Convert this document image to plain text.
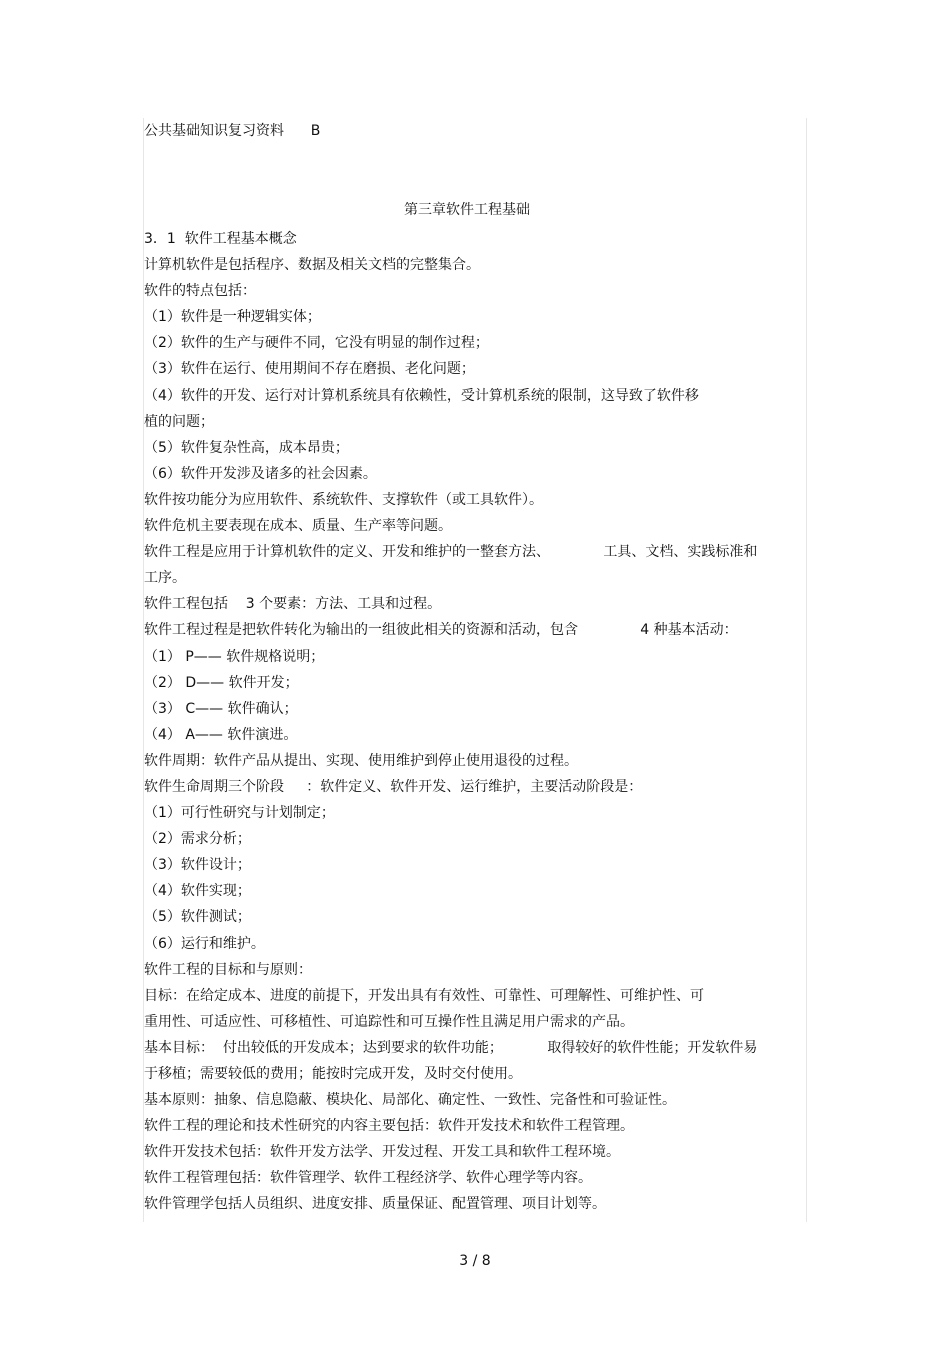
公共基础知识复习资料      B
第三章软件工程基础
3．1  软件工程基本概念
计算机软件是包括程序、数据及相关文档的完整集合。
软件的特点包括：
（1）软件是一种逻辑实体；
（2）软件的生产与硬件不同，它没有明显的制作过程；
（3）软件在运行、使用期间不存在磨损、老化问题；
（4）软件的开发、运行对计算机系统具有依赖性，受计算机系统的限制，这导致了软件移
植的问题；
（5）软件复杂性高，成本昂贵；
（6）软件开发涉及诸多的社会因素。
软件按功能分为应用软件、系统软件、支撑软件（或工具软件）。
软件危机主要表现在成本、质量、生产率等问题。
软件工程是应用于计算机软件的定义、开发和维护的一整套方法、            工具、文档、实践标准和
工序。
软件工程包括    3 个要素：方法、工具和过程。
软件工程过程是把软件转化为输出的一组彼此相关的资源和活动，包含              4 种基本活动：
（1） P—— 软件规格说明；
（2） D—— 软件开发；
（3） C—— 软件确认；
（4） A—— 软件演进。
软件周期：软件产品从提出、实现、使用维护到停止使用退役的过程。
软件生命周期三个阶段     ：软件定义、软件开发、运行维护，主要活动阶段是：
（1）可行性研究与计划制定；
（2）需求分析；
（3）软件设计；
（4）软件实现；
（5）软件测试；
（6）运行和维护。
软件工程的目标和与原则：
目标：在给定成本、进度的前提下，开发出具有有效性、可靠性、可理解性、可维护性、可
重用性、可适应性、可移植性、可追踪性和可互操作性且满足用户需求的产品。
基本目标：  付出较低的开发成本；达到要求的软件功能；          取得较好的软件性能；开发软件易
于移植；需要较低的费用；能按时完成开发，及时交付使用。
基本原则：抽象、信息隐蔽、模块化、局部化、确定性、一致性、完备性和可验证性。
软件工程的理论和技术性研究的内容主要包括：软件开发技术和软件工程管理。
软件开发技术包括：软件开发方法学、开发过程、开发工具和软件工程环境。
软件工程管理包括：软件管理学、软件工程经济学、软件心理学等内容。
软件管理学包括人员组织、进度安排、质量保证、配置管理、项目计划等。
3 / 8
